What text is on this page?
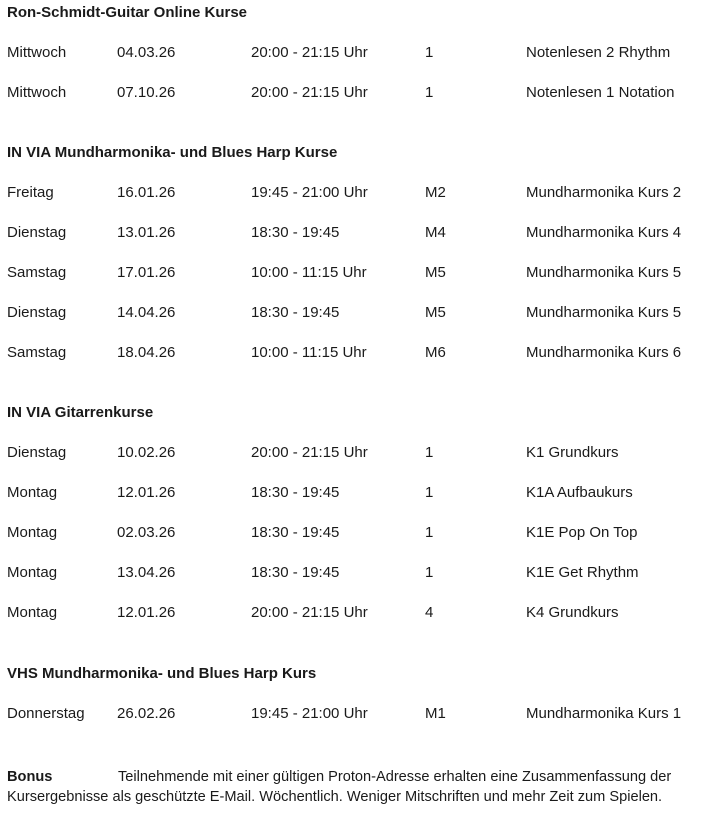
Ron-Schmidt-Guitar Online Kurse
Mittwoch	04.03.26	20:00 - 21:15 Uhr	1	Notenlesen 2 Rhythm
Mittwoch	07.10.26	20:00 - 21:15 Uhr	1	Notenlesen 1 Notation
IN VIA Mundharmonika- und Blues Harp Kurse
Freitag	16.01.26	19:45 - 21:00 Uhr	M2	Mundharmonika Kurs 2
Dienstag	13.01.26	18:30 - 19:45	M4	Mundharmonika Kurs 4
Samstag	17.01.26	10:00 - 11:15 Uhr	M5	Mundharmonika Kurs 5
Dienstag	14.04.26	18:30 - 19:45	M5	Mundharmonika Kurs 5
Samstag	18.04.26	10:00 - 11:15 Uhr	M6	Mundharmonika Kurs 6
IN VIA Gitarrenkurse
Dienstag	10.02.26	20:00 - 21:15 Uhr	1	K1 Grundkurs
Montag	12.01.26	18:30 - 19:45	1	K1A Aufbaukurs
Montag	02.03.26	18:30 - 19:45	1	K1E Pop On Top
Montag	13.04.26	18:30 - 19:45	1	K1E Get Rhythm
Montag	12.01.26	20:00 - 21:15 Uhr	4	K4 Grundkurs
VHS Mundharmonika- und Blues Harp Kurs
Donnerstag 26.02.26	19:45 - 21:00 Uhr	M1	Mundharmonika Kurs 1
Bonus	Teilnehmende mit einer gültigen Proton-Adresse erhalten eine Zusammenfassung der Kursergebnisse als geschützte E-Mail. Wöchentlich. Weniger Mitschriften und mehr Zeit zum Spielen.
